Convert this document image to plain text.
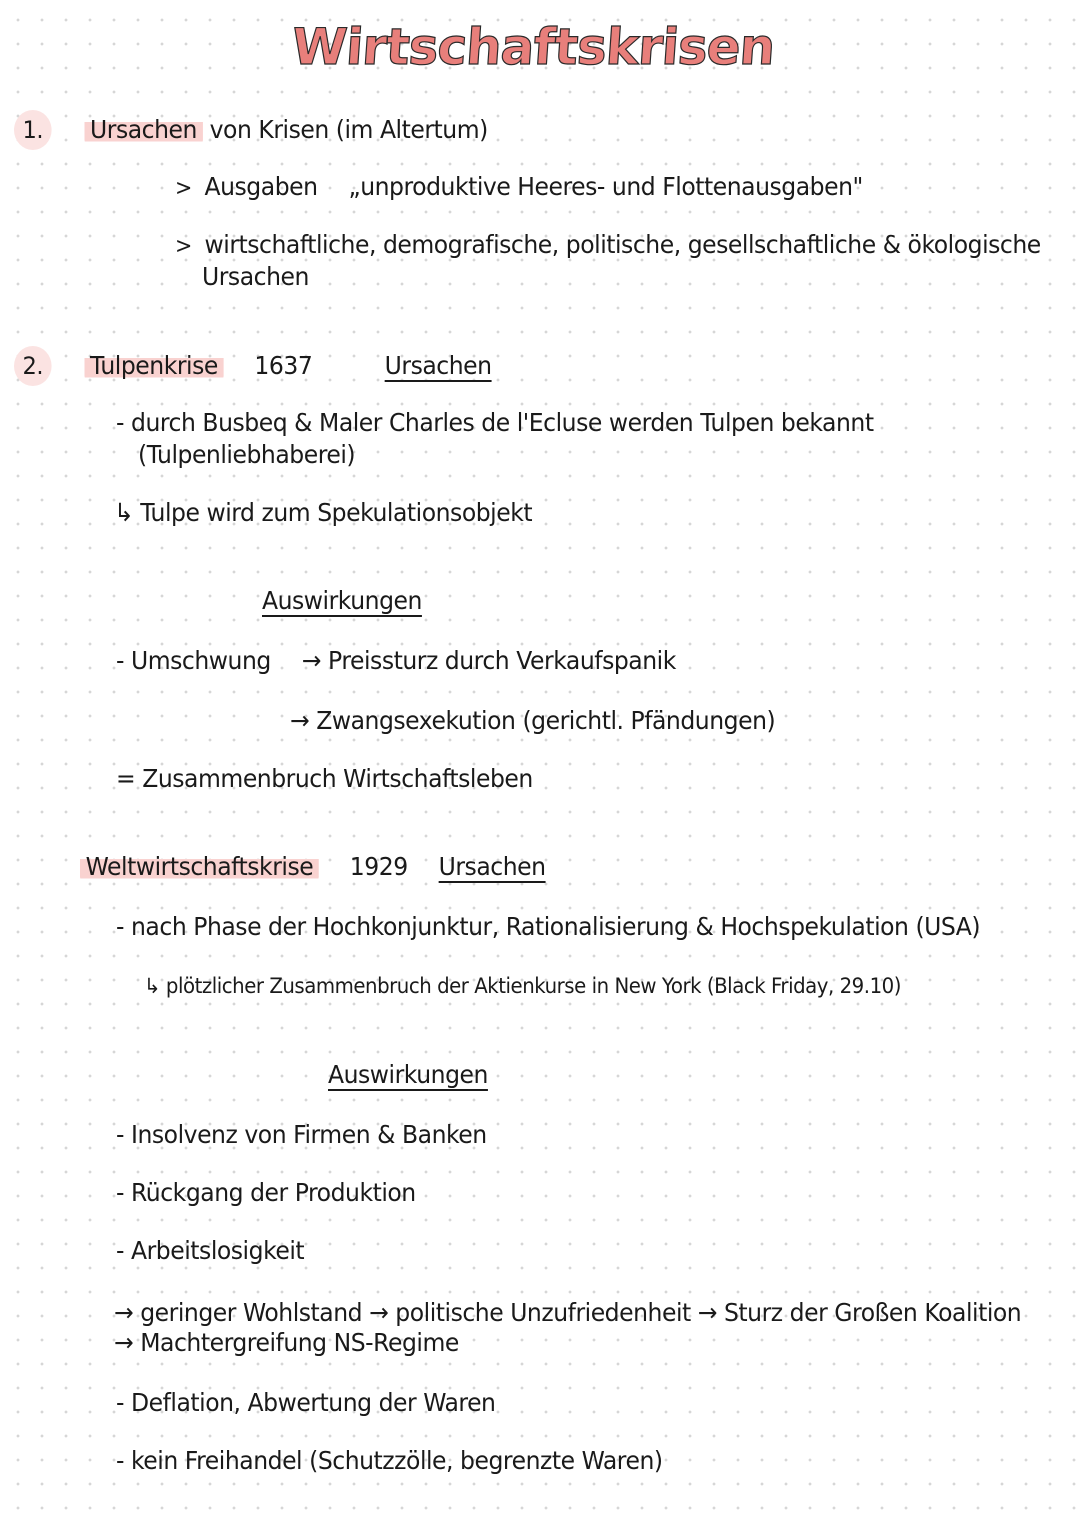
Wirtschaftskrisen
1. Ursachen von Krisen (im Altertum)
> Ausgaben „unproduktive Heeres- und Flottenausgaben"
> wirtschaftliche, demografische, politische, gesellschaftliche & ökologische
Ursachen
2. Tulpenkrise 1637	Ursachen
- durch Busbeq & Maler Charles de l'Ecluse werden Tulpen bekannt
(Tulpenliebhaberei)
↳ Tulpe wird zum Spekulationsobjekt
Auswirkungen
- Umschwung → Preissturz durch Verkaufspanik
→ Zwangsexekution (gerichtl. Pfändungen)
= Zusammenbruch Wirtschaftsleben
Weltwirtschaftskrise 1929 Ursachen
- nach Phase der Hochkonjunktur, Rationalisierung & Hochspekulation (USA)
↳ plötzlicher Zusammenbruch der Aktienkurse in New York (Black Friday, 29.10)
Auswirkungen
- Insolvenz von Firmen & Banken
- Rückgang der Produktion
- Arbeitslosigkeit
→ geringer Wohlstand → politische Unzufriedenheit → Sturz der Großen Koalition
→ Machtergreifung NS-Regime
- Deflation, Abwertung der Waren
- kein Freihandel (Schutzzölle, begrenzte Waren)
